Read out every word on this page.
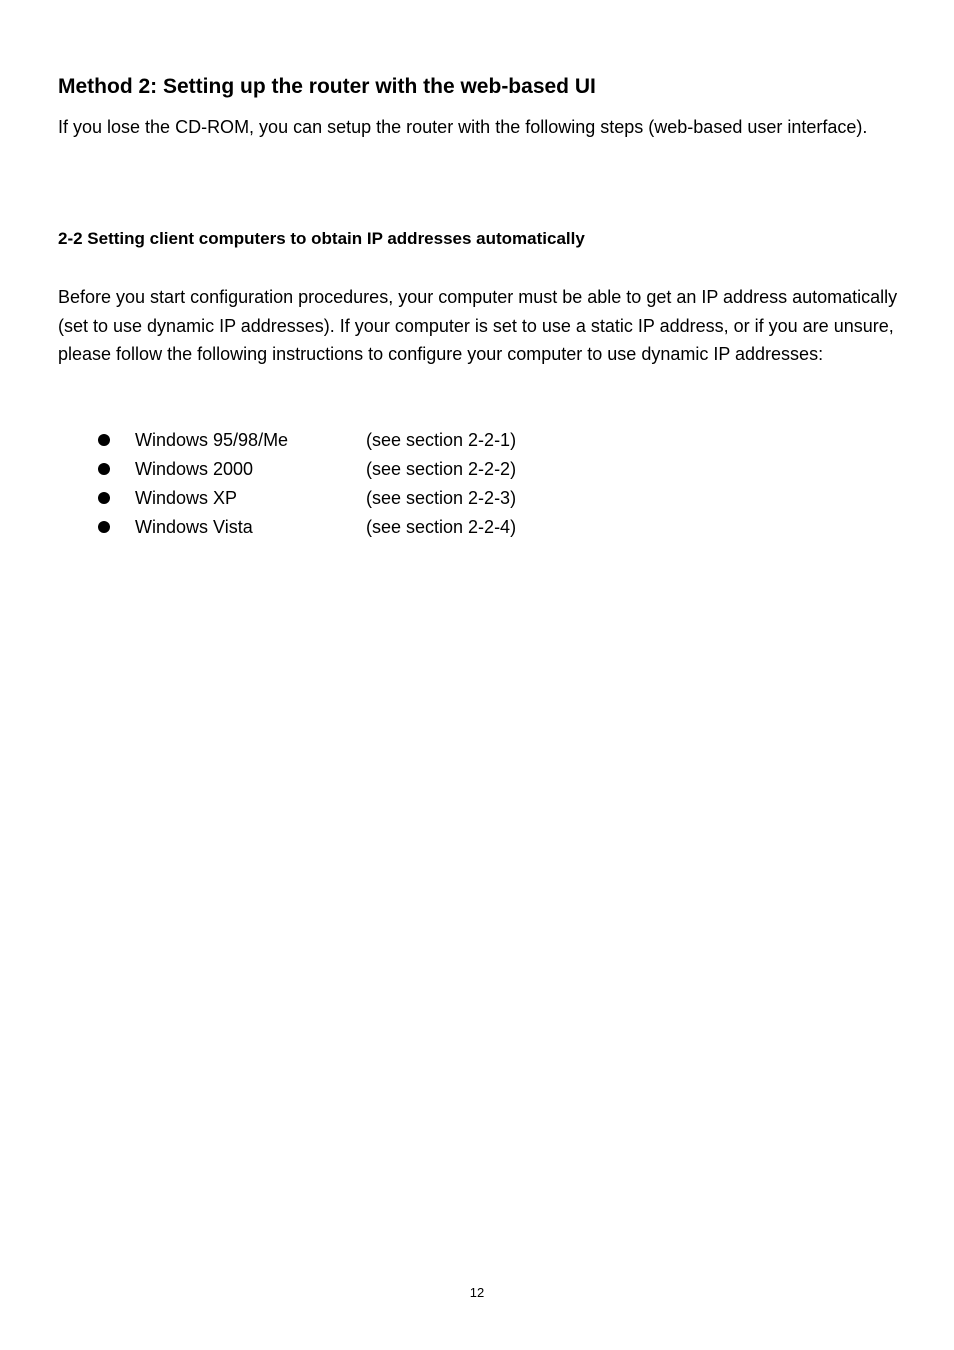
Method 2: Setting up the router with the web-based UI

If you lose the CD-ROM, you can setup the router with the following steps (web-based user interface).

2-2 Setting client computers to obtain IP addresses automatically

Before you start configuration procedures, your computer must be able to get an IP address automatically (set to use dynamic IP addresses). If your computer is set to use a static IP address, or if you are unsure, please follow the following instructions to configure your computer to use dynamic IP addresses:

Windows 95/98/Me	(see section 2-2-1)
Windows 2000	(see section 2-2-2)
Windows XP	(see section 2-2-3)
Windows Vista	(see section 2-2-4)
12
